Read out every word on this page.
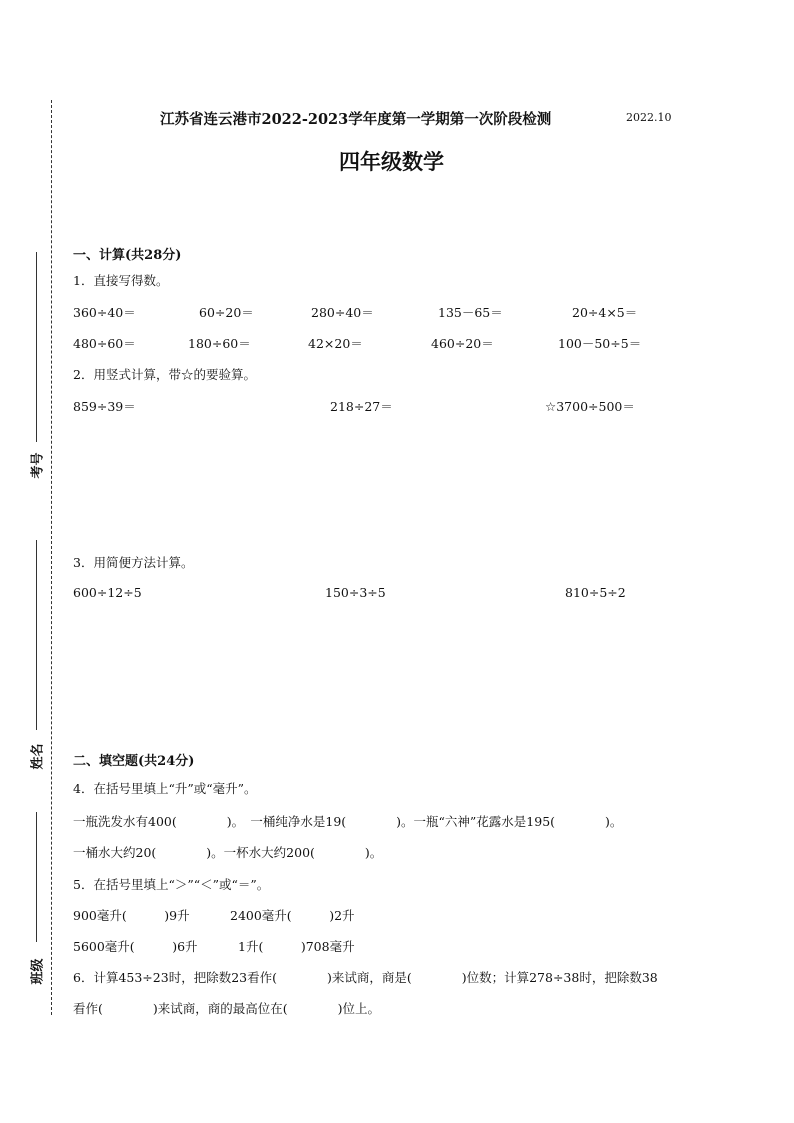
考号
姓名
班级
江苏省连云港市2022-2023学年度第一学期第一次阶段检测	2022.10
四年级数学
一、计算(共28分)
1．直接写得数。
360÷40＝	60÷20＝	280÷40＝	135－65＝	20÷4×5＝
480÷60＝	180÷60＝	42×20＝	460÷20＝	100－50÷5＝
2．用竖式计算，带☆的要验算。
859÷39＝	218÷27＝	☆3700÷500＝
3．用简便方法计算。
600÷12÷5	150÷3÷5	810÷5÷2
二、填空题(共24分)
4．在括号里填上“升”或“毫升”。
一瓶洗发水有400(　　　　)。　一桶纯净水是19(　　　　)。一瓶“六神”花露水是195(　　　　)。
一桶水大约20(　　　　)。一杯水大约200(　　　　)。
5．在括号里填上“＞”“＜”或“＝”。
900毫升(　　　)9升	2400毫升(　　　)2升
5600毫升(　　　)6升	1升(　　　)708毫升
6．计算453÷23时，把除数23看作(　　　　)来试商，商是(　　　　)位数；计算278÷38时，把除数38
看作(　　　　)来试商，商的最高位在(　　　　)位上。
